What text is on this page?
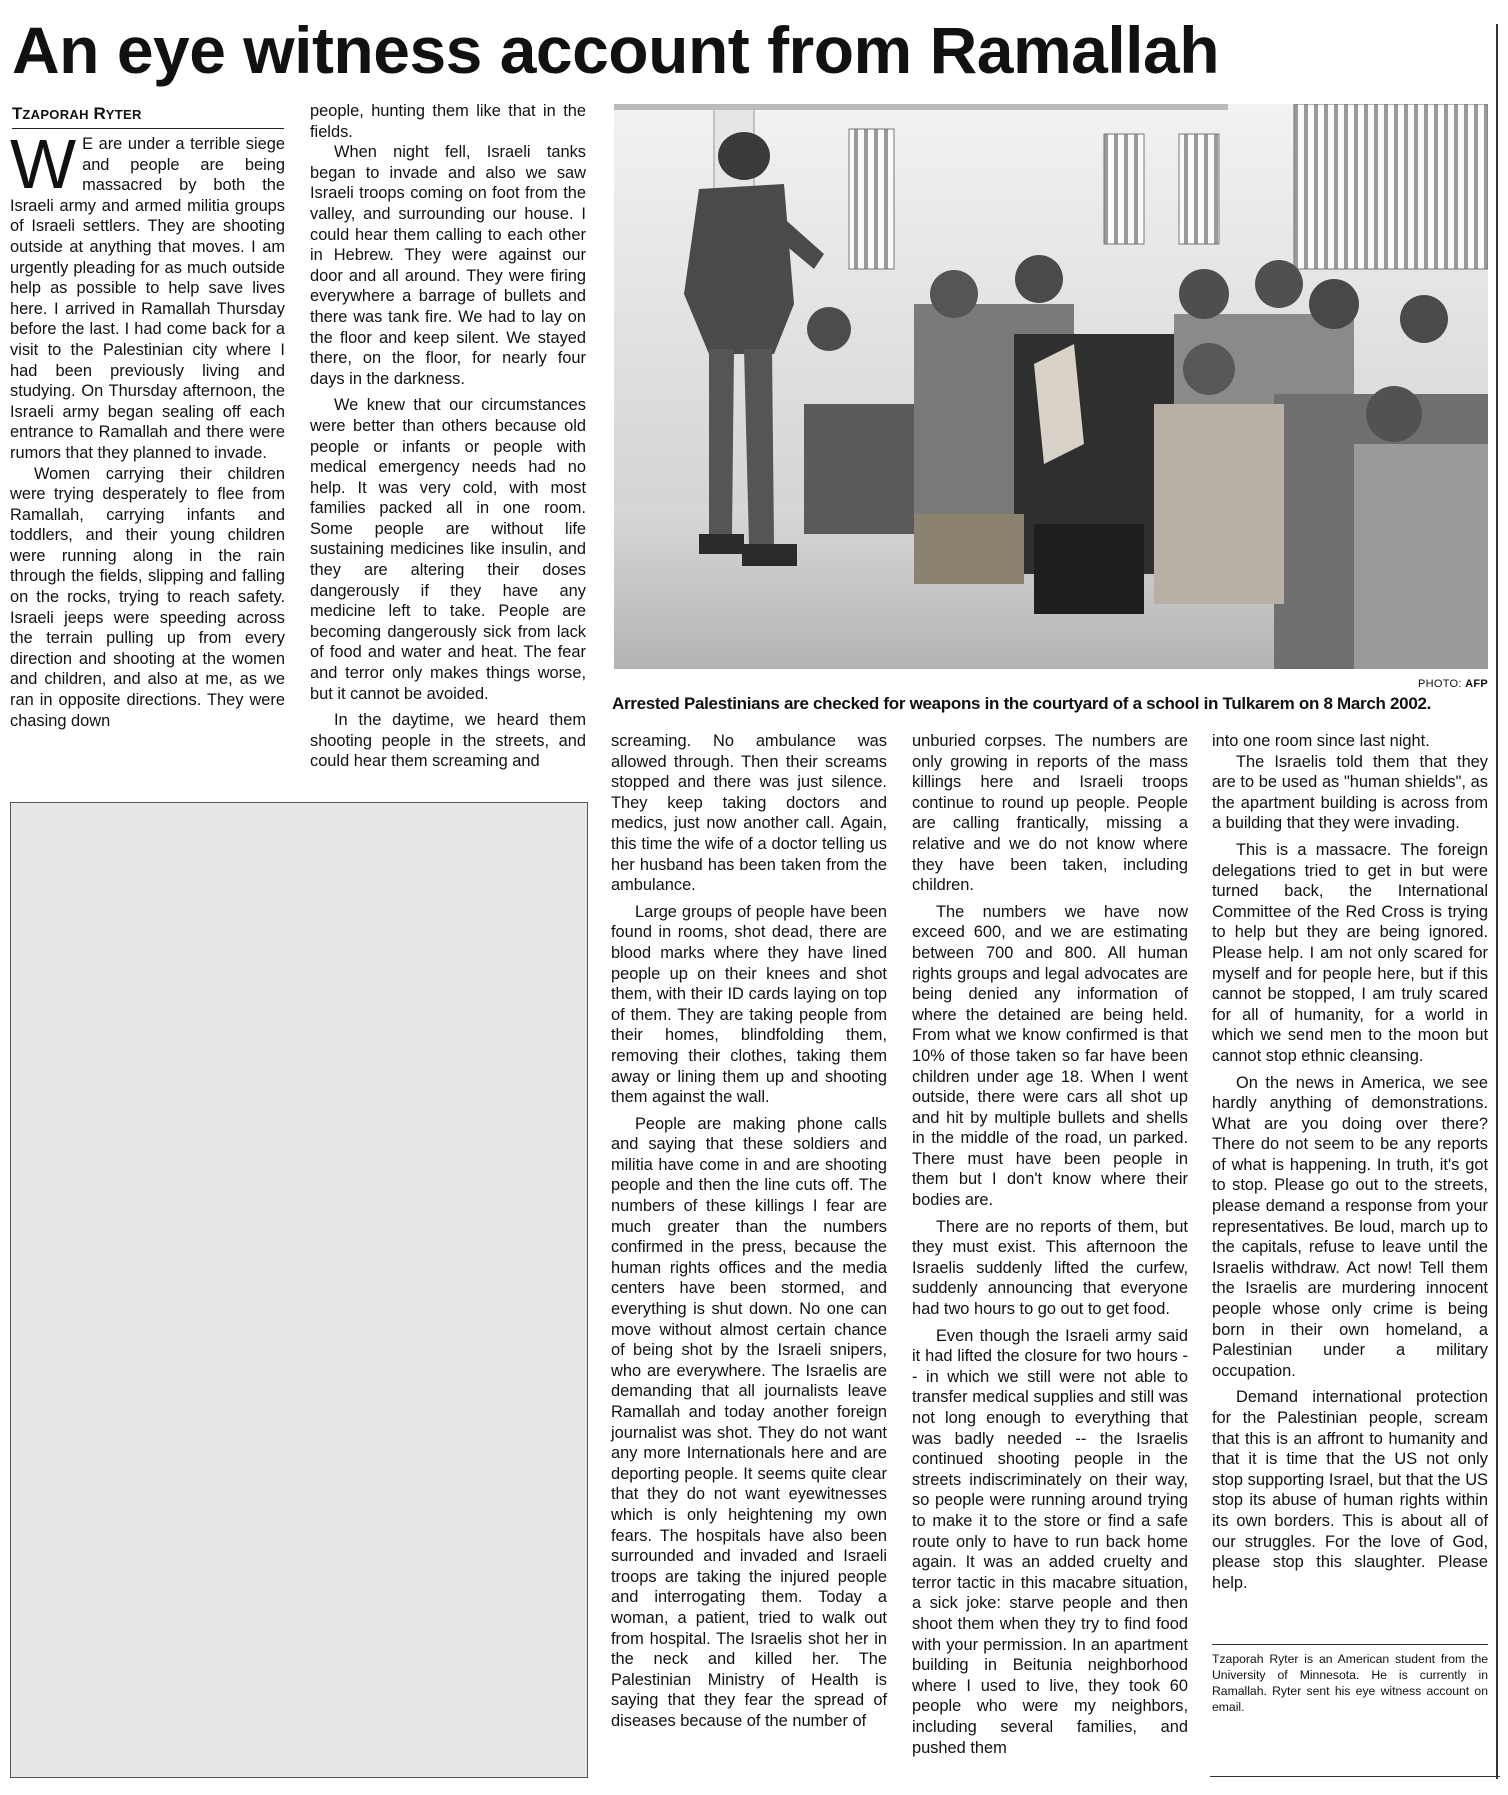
An eye witness account from Ramallah
TZAPORAH RYTER

W E are under a terrible siege and people are being massacred by both the Israeli army and armed militia groups of Israeli settlers. They are shooting outside at anything that moves. I am urgently pleading for as much outside help as possible to help save lives here. I arrived in Ramallah Thursday before the last. I had come back for a visit to the Palestinian city where I had been previously living and studying. On Thursday afternoon, the Israeli army began sealing off each entrance to Ramallah and there were rumors that they planned to invade.

Women carrying their children were trying desperately to flee from Ramallah, carrying infants and toddlers, and their young children were running along in the rain through the fields, slipping and falling on the rocks, trying to reach safety. Israeli jeeps were speeding across the terrain pulling up from every direction and shooting at the women and children, and also at me, as we ran in opposite directions. They were chasing down

people, hunting them like that in the fields.

When night fell, Israeli tanks began to invade and also we saw Israeli troops coming on foot from the valley, and surrounding our house. I could hear them calling to each other in Hebrew. They were against our door and all around. They were firing everywhere a barrage of bullets and there was tank fire. We had to lay on the floor and keep silent. We stayed there, on the floor, for nearly four days in the darkness.

We knew that our circumstances were better than others because old people or infants or people with medical emergency needs had no help. It was very cold, with most families packed all in one room. Some people are without life sustaining medicines like insulin, and they are altering their doses dangerously if they have any medicine left to take. People are becoming dangerously sick from lack of food and water and heat. The fear and terror only makes things worse, but it cannot be avoided.

In the daytime, we heard them shooting people in the streets, and could hear them screaming and

PHOTO: AFP
Arrested Palestinians are checked for weapons in the courtyard of a school in Tulkarem on 8 March 2002.

screaming. No ambulance was allowed through. Then their screams stopped and there was just silence. They keep taking doctors and medics, just now another call. Again, this time the wife of a doctor telling us her husband has been taken from the ambulance.

Large groups of people have been found in rooms, shot dead, there are blood marks where they have lined people up on their knees and shot them, with their ID cards laying on top of them. They are taking people from their homes, blindfolding them, removing their clothes, taking them away or lining them up and shooting them against the wall.

People are making phone calls and saying that these soldiers and militia have come in and are shooting people and then the line cuts off. The numbers of these killings I fear are much greater than the numbers confirmed in the press, because the human rights offices and the media centers have been stormed, and everything is shut down. No one can move without almost certain chance of being shot by the Israeli snipers, who are everywhere. The Israelis are demanding that all journalists leave Ramallah and today another foreign journalist was shot. They do not want any more Internationals here and are deporting people. It seems quite clear that they do not want eyewitnesses which is only heightening my own fears. The hospitals have also been surrounded and invaded and Israeli troops are taking the injured people and interrogating them. Today a woman, a patient, tried to walk out from hospital. The Israelis shot her in the neck and killed her. The Palestinian Ministry of Health is saying that they fear the spread of diseases because of the number of

unburied corpses. The numbers are only growing in reports of the mass killings here and Israeli troops continue to round up people. People are calling frantically, missing a relative and we do not know where they have been taken, including children.

The numbers we have now exceed 600, and we are estimating between 700 and 800. All human rights groups and legal advocates are being denied any information of where the detained are being held. From what we know confirmed is that 10% of those taken so far have been children under age 18. When I went outside, there were cars all shot up and hit by multiple bullets and shells in the middle of the road, un parked. There must have been people in them but I don't know where their bodies are.

There are no reports of them, but they must exist. This afternoon the Israelis suddenly lifted the curfew, suddenly announcing that everyone had two hours to go out to get food.

Even though the Israeli army said it had lifted the closure for two hours -- in which we still were not able to transfer medical supplies and still was not long enough to everything that was badly needed -- the Israelis continued shooting people in the streets indiscriminately on their way, so people were running around trying to make it to the store or find a safe route only to have to run back home again. It was an added cruelty and terror tactic in this macabre situation, a sick joke: starve people and then shoot them when they try to find food with your permission. In an apartment building in Beitunia neighborhood where I used to live, they took 60 people who were my neighbors, including several families, and pushed them

into one room since last night.

The Israelis told them that they are to be used as "human shields", as the apartment building is across from a building that they were invading.

This is a massacre. The foreign delegations tried to get in but were turned back, the International Committee of the Red Cross is trying to help but they are being ignored. Please help. I am not only scared for myself and for people here, but if this cannot be stopped, I am truly scared for all of humanity, for a world in which we send men to the moon but cannot stop ethnic cleansing.

On the news in America, we see hardly anything of demonstrations. What are you doing over there? There do not seem to be any reports of what is happening. In truth, it's got to stop. Please go out to the streets, please demand a response from your representatives. Be loud, march up to the capitals, refuse to leave until the Israelis withdraw. Act now! Tell them the Israelis are murdering innocent people whose only crime is being born in their own homeland, a Palestinian under a military occupation.

Demand international protection for the Palestinian people, scream that this is an affront to humanity and that it is time that the US not only stop supporting Israel, but that the US stop its abuse of human rights within its own borders. This is about all of our struggles. For the love of God, please stop this slaughter. Please help.

Tzaporah Ryter is an American student from the University of Minnesota. He is currently in Ramallah. Ryter sent his eye witness account on email.
